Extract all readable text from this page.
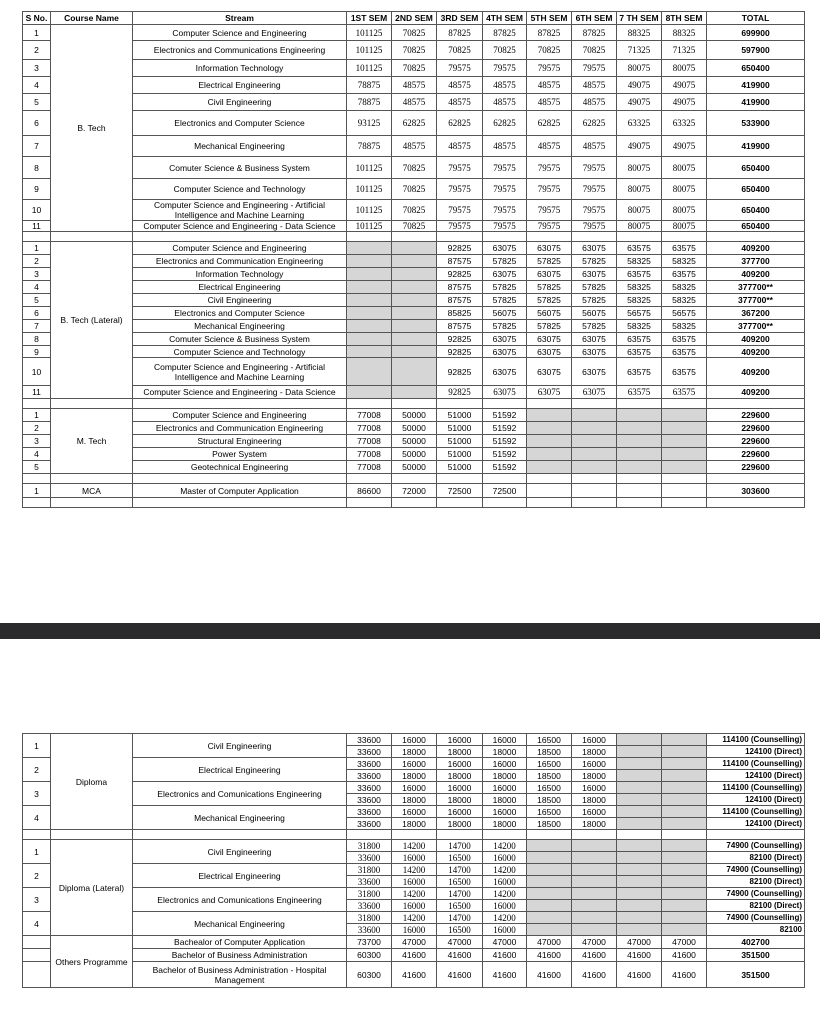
S No.	Course Name	Stream	1ST SEM	2ND SEM	3RD SEM	4TH SEM	5TH SEM	6TH SEM	7 TH SEM	8TH SEM	TOTAL
1	B. Tech	Computer Science and Engineering	101125	70825	87825	87825	87825	87825	88325	88325	699900
2		Electronics and Communications Engineering	101125	70825	70825	70825	70825	70825	71325	71325	597900
3		Information Technology	101125	70825	79575	79575	79575	79575	80075	80075	650400
4		Electrical Engineering	78875	48575	48575	48575	48575	48575	49075	49075	419900
5		Civil Engineering	78875	48575	48575	48575	48575	48575	49075	49075	419900
6		Electronics and Computer Science	93125	62825	62825	62825	62825	62825	63325	63325	533900
7		Mechanical Engineering	78875	48575	48575	48575	48575	48575	49075	49075	419900
8		Comuter Science & Business System	101125	70825	79575	79575	79575	79575	80075	80075	650400
9		Computer Science and Technology	101125	70825	79575	79575	79575	79575	80075	80075	650400
10		Computer Science and Engineering - Artificial Intelligence and Machine Learning	101125	70825	79575	79575	79575	79575	80075	80075	650400
11		Computer Science and Engineering - Data Science	101125	70825	79575	79575	79575	79575	80075	80075	650400

1	B. Tech (Lateral)	Computer Science and Engineering			92825	63075	63075	63075	63575	63575	409200
2		Electronics and Communication Engineering			87575	57825	57825	57825	58325	58325	377700
3		Information Technology			92825	63075	63075	63075	63575	63575	409200
4		Electrical Engineering			87575	57825	57825	57825	58325	58325	377700**
5		Civil Engineering			87575	57825	57825	57825	58325	58325	377700**
6		Electronics and Computer Science			85825	56075	56075	56075	56575	56575	367200
7		Mechanical Engineering			87575	57825	57825	57825	58325	58325	377700**
8		Comuter Science & Business System			92825	63075	63075	63075	63575	63575	409200
9		Computer Science and Technology			92825	63075	63075	63075	63575	63575	409200
10		Computer Science and Engineering - Artificial Intelligence and Machine Learning			92825	63075	63075	63075	63575	63575	409200
11		Computer Science and Engineering - Data Science			92825	63075	63075	63075	63575	63575	409200

1	M. Tech	Computer Science and Engineering	77008	50000	51000	51592					229600
2		Electronics and Communication Engineering	77008	50000	51000	51592					229600
3		Structural Engineering	77008	50000	51000	51592					229600
4		Power System	77008	50000	51000	51592					229600
5		Geotechnical Engineering	77008	50000	51000	51592					229600

1	MCA	Master of Computer Application	86600	72000	72500	72500					303600

1	Diploma	Civil Engineering	33600	16000	16000	16000	16500	16000			114100 (Counselling)
			33600	18000	18000	18000	18500	18000			124100 (Direct)
2		Electrical Engineering	33600	16000	16000	16000	16500	16000			114100 (Counselling)
			33600	18000	18000	18000	18500	18000			124100 (Direct)
3		Electronics and Comunications Engineering	33600	16000	16000	16000	16500	16000			114100 (Counselling)
			33600	18000	18000	18000	18500	18000			124100 (Direct)
4		Mechanical Engineering	33600	16000	16000	16000	16500	16000			114100 (Counselling)
			33600	18000	18000	18000	18500	18000			124100 (Direct)

1	Diploma (Lateral)	Civil Engineering	31800	14200	14700	14200					74900 (Counselling)
			33600	16000	16500	16000					82100 (Direct)
2		Electrical Engineering	31800	14200	14700	14200					74900 (Counselling)
			33600	16000	16500	16000					82100 (Direct)
3		Electronics and Comunications Engineering	31800	14200	14700	14200					74900 (Counselling)
			33600	16000	16500	16000					82100 (Direct)
4		Mechanical Engineering	31800	14200	14700	14200					74900 (Counselling)
			33600	16000	16500	16000					82100
	Others Programme	Bachealor of Computer Application	73700	47000	47000	47000	47000	47000	47000	47000	402700
		Bachelor of Business Administration	60300	41600	41600	41600	41600	41600	41600	41600	351500
		Bachelor of Business Administration - Hospital Management	60300	41600	41600	41600	41600	41600	41600	41600	351500
